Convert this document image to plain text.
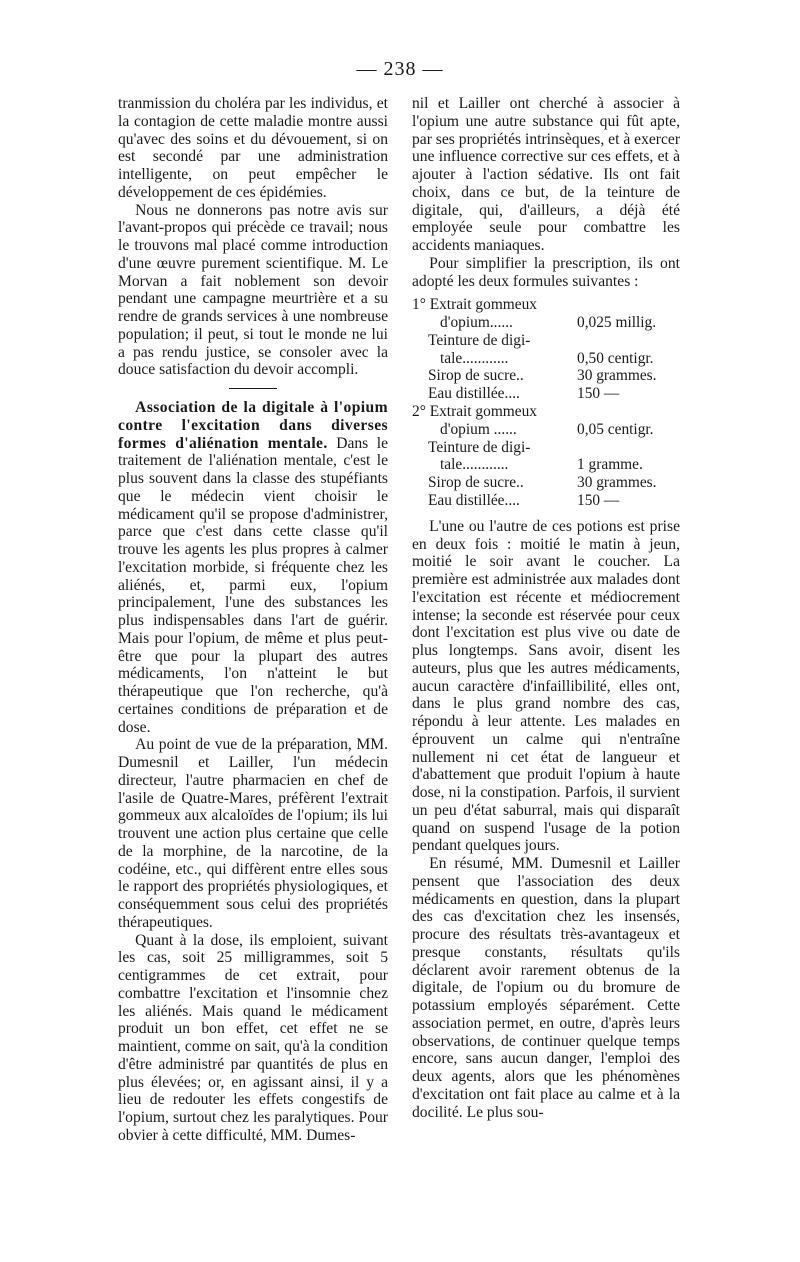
— 238 —

tranmission du choléra par les individus, et la contagion de cette maladie montre aussi qu'avec des soins et du dévouement, si on est secondé par une administration intelligente, on peut empêcher le développement de ces épidémies.

Nous ne donnerons pas notre avis sur l'avant-propos qui précède ce travail; nous le trouvons mal placé comme introduction d'une œuvre purement scientifique. M. Le Morvan a fait noblement son devoir pendant une campagne meurtrière et a su rendre de grands services à une nombreuse population; il peut, si tout le monde ne lui a pas rendu justice, se consoler avec la douce satisfaction du devoir accompli.

Association de la digitale à l'opium contre l'excitation dans diverses formes d'aliénation mentale. Dans le traitement de l'aliénation mentale, c'est le plus souvent dans la classe des stupéfiants que le médecin vient choisir le médicament qu'il se propose d'administrer, parce que c'est dans cette classe qu'il trouve les agents les plus propres à calmer l'excitation morbide, si fréquente chez les aliénés, et, parmi eux, l'opium principalement, l'une des substances les plus indispensables dans l'art de guérir. Mais pour l'opium, de même et plus peut-être que pour la plupart des autres médicaments, l'on n'atteint le but thérapeutique que l'on recherche, qu'à certaines conditions de préparation et de dose.

Au point de vue de la préparation, MM. Dumesnil et Lailler, l'un médecin directeur, l'autre pharmacien en chef de l'asile de Quatre-Mares, préfèrent l'extrait gommeux aux alcaloïdes de l'opium; ils lui trouvent une action plus certaine que celle de la morphine, de la narcotine, de la codéine, etc., qui diffèrent entre elles sous le rapport des propriétés physiologiques, et conséquemment sous celui des propriétés thérapeutiques.

Quant à la dose, ils emploient, suivant les cas, soit 25 milligrammes, soit 5 centigrammes de cet extrait, pour combattre l'excitation et l'insomnie chez les aliénés. Mais quand le médicament produit un bon effet, cet effet ne se maintient, comme on sait, qu'à la condition d'être administré par quantités de plus en plus élevées; or, en agissant ainsi, il y a lieu de redouter les effets congestifs de l'opium, surtout chez les paralytiques. Pour obvier à cette difficulté, MM. Dumes-

nil et Lailler ont cherché à associer à l'opium une autre substance qui fût apte, par ses propriétés intrinsèques, et à exercer une influence corrective sur ces effets, et à ajouter à l'action sédative. Ils ont fait choix, dans ce but, de la teinture de digitale, qui, d'ailleurs, a déjà été employée seule pour combattre les accidents maniaques.

Pour simplifier la prescription, ils ont adopté les deux formules suivantes :

1° Extrait gommeux
d'opium......	0,025 millig.
Teinture de digi-
tale............	0,50 centigr.
Sirop de sucre..	30 grammes.
Eau distillée....	150 —
2° Extrait gommeux
d'opium ......	0,05 centigr.
Teinture de digi-
tale............	1 gramme.
Sirop de sucre..	30 grammes.
Eau distillée....	150 —

L'une ou l'autre de ces potions est prise en deux fois : moitié le matin à jeun, moitié le soir avant le coucher. La première est administrée aux malades dont l'excitation est récente et médiocrement intense; la seconde est réservée pour ceux dont l'excitation est plus vive ou date de plus longtemps. Sans avoir, disent les auteurs, plus que les autres médicaments, aucun caractère d'infaillibilité, elles ont, dans le plus grand nombre des cas, répondu à leur attente. Les malades en éprouvent un calme qui n'entraîne nullement ni cet état de langueur et d'abattement que produit l'opium à haute dose, ni la constipation. Parfois, il survient un peu d'état saburral, mais qui disparaît quand on suspend l'usage de la potion pendant quelques jours.

En résumé, MM. Dumesnil et Lailler pensent que l'association des deux médicaments en question, dans la plupart des cas d'excitation chez les insensés, procure des résultats très-avantageux et presque constants, résultats qu'ils déclarent avoir rarement obtenus de la digitale, de l'opium ou du bromure de potassium employés séparément. Cette association permet, en outre, d'après leurs observations, de continuer quelque temps encore, sans aucun danger, l'emploi des deux agents, alors que les phénomènes d'excitation ont fait place au calme et à la docilité. Le plus sou-
